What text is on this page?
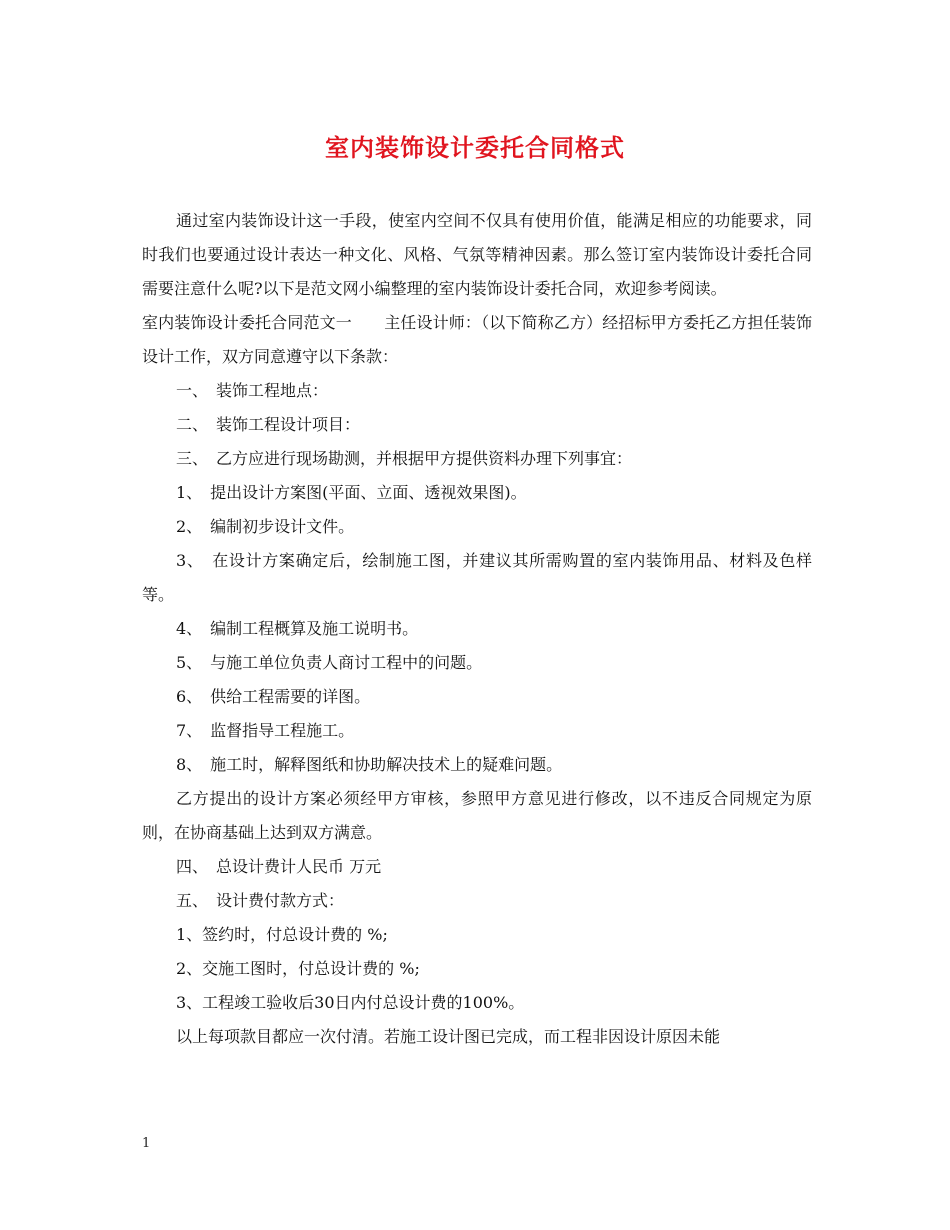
室内装饰设计委托合同格式

通过室内装饰设计这一手段，使室内空间不仅具有使用价值，能满足相应的功能要求，同时我们也要通过设计表达一种文化、风格、气氛等精神因素。那么签订室内装饰设计委托合同需要注意什么呢?以下是范文网小编整理的室内装饰设计委托合同，欢迎参考阅读。

室内装饰设计委托合同范文一　　主任设计师：（以下简称乙方）经招标甲方委托乙方担任装饰设计工作，双方同意遵守以下条款：

一、　装饰工程地点：

二、　装饰工程设计项目：

三、　乙方应进行现场勘测，并根据甲方提供资料办理下列事宜：

1、　提出设计方案图(平面、立面、透视效果图)。

2、　编制初步设计文件。

3、　在设计方案确定后，绘制施工图，并建议其所需购置的室内装饰用品、材料及色样等。

4、　编制工程概算及施工说明书。

5、　与施工单位负责人商讨工程中的问题。

6、　供给工程需要的详图。

7、　监督指导工程施工。

8、　施工时，解释图纸和协助解决技术上的疑难问题。

乙方提出的设计方案必须经甲方审核，参照甲方意见进行修改，以不违反合同规定为原则，在协商基础上达到双方满意。

四、　总设计费计人民币 万元

五、　设计费付款方式：

1、签约时，付总设计费的 %;

2、交施工图时，付总设计费的 %;

3、工程竣工验收后30日内付总设计费的100%。

以上每项款目都应一次付清。若施工设计图已完成，而工程非因设计原因未能

1
